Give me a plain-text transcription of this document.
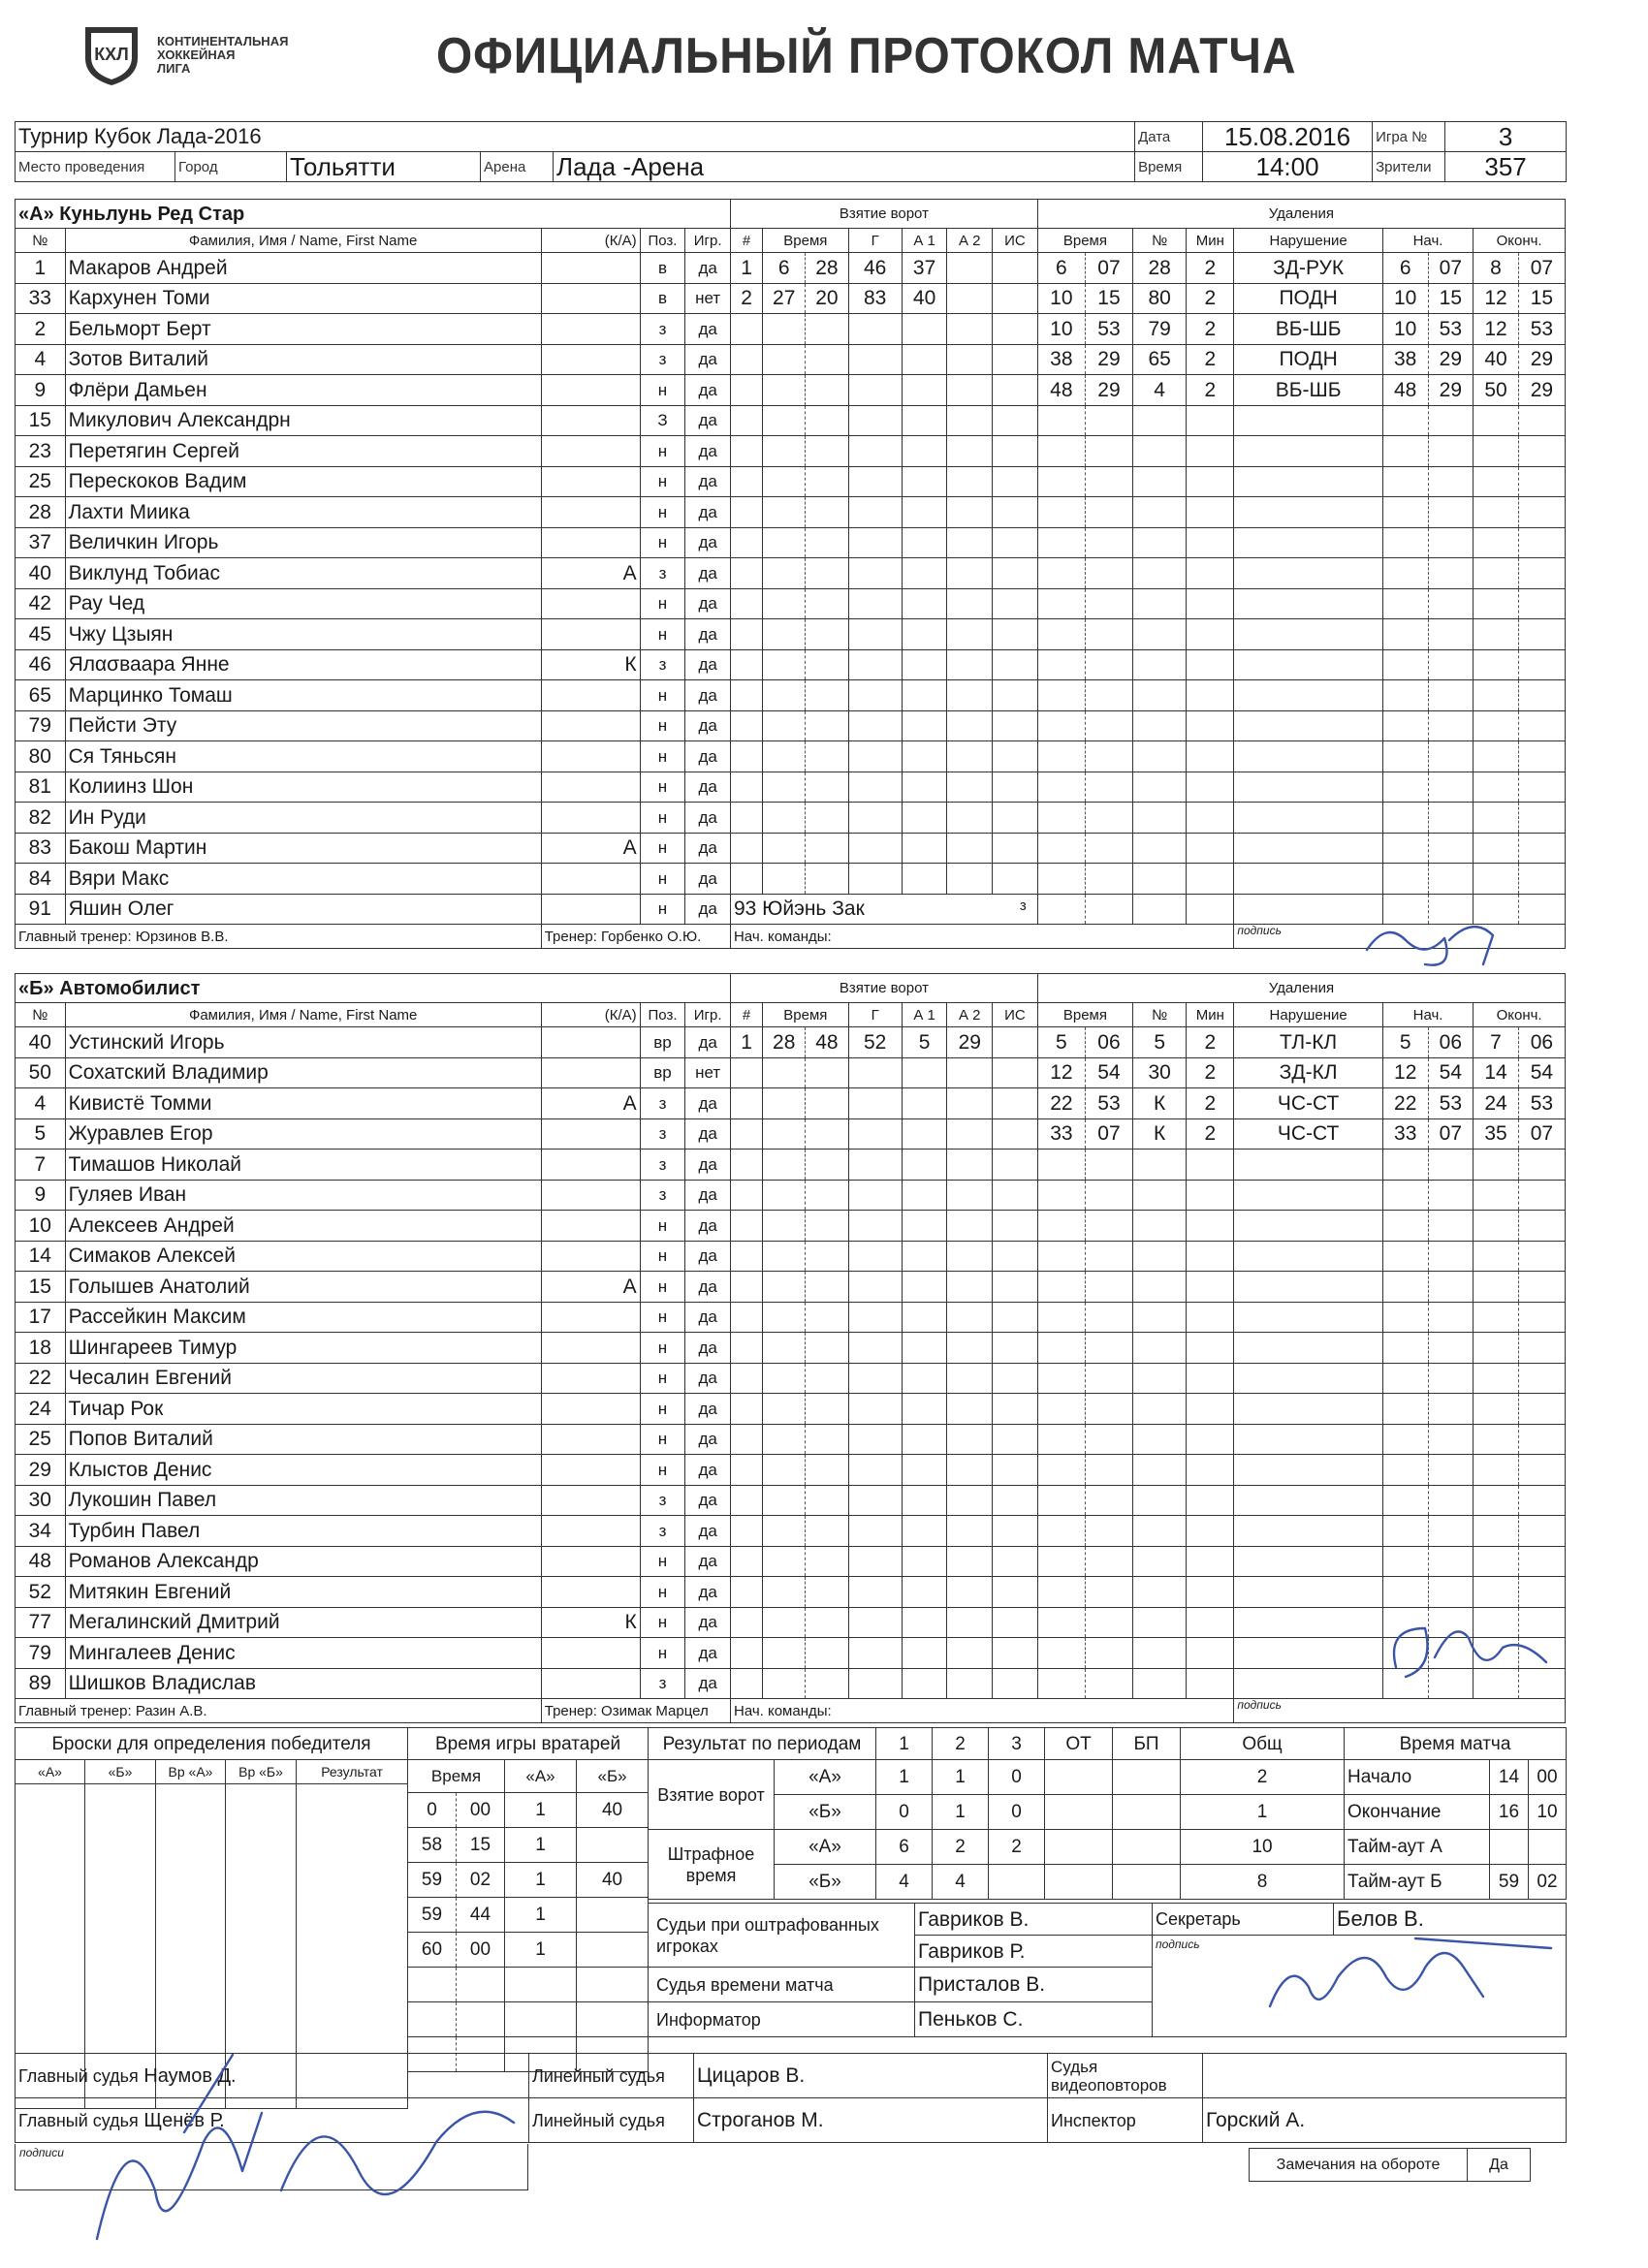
КХЛ
КОНТИНЕНТАЛЬНАЯ
ХОККЕЙНАЯ
ЛИГА	ОФИЦИАЛЬНЫЙ ПРОТОКОЛ МАТЧА
Турнир Кубок Лада-2016					Дата	15.08.2016	Игра №	3
Место проведения	Город	Тольятти	Арена	Лада -Арена	Время	14:00	Зрители	357
«А» Куньлунь Ред Стар					Взятие ворот							Удаления								
№	Фамилия, Имя / Name, First Name	(К/А)	Поз.	Игр.	#	Время		Г	А 1	А 2	ИС	Время		№	Мин	Нарушение	Нач.		Оконч.	
1	Макаров Андрей		в	да	1	6	28	46	37			6	07	28	2	ЗД-РУК	6	07	8	07
33	Кархунен Томи		в	нет	2	27	20	83	40			10	15	80	2	ПОДН	10	15	12	15
2	Бельморт Берт		з	да								10	53	79	2	ВБ-ШБ	10	53	12	53
4	Зотов Виталий		з	да								38	29	65	2	ПОДН	38	29	40	29
9	Флёри Дамьен		н	да								48	29	4	2	ВБ-ШБ	48	29	50	29
15	Микулович Александрн		З	да																
23	Перетягин Сергей		н	да																
25	Перескоков Вадим		н	да																
28	Лахти Миика		н	да																
37	Величкин Игорь		н	да																
40	Виклунд Тобиас	А	з	да																
42	Рау Чед		н	да																
45	Чжу Цзыян		н	да																
46	Ялασваара Янне	К	з	да																
65	Марцинко Томаш		н	да																
79	Пейсти Эту		н	да																
80	Ся Тяньсян		н	да																
81	Колиинз Шон		н	да																
82	Ин Руди		н	да																
83	Бакош Мартин	А	н	да																
84	Вяри Макс		н	да																
91	Яшин Олег		н	да	93 Юйэнь Зак з															

Главный тренер: Юрзинов В.В.		Тренер: Горбенко О.Ю.			Нач. команды:											подпись				
«Б» Автомобилист					Взятие ворот							Удаления								
№	Фамилия, Имя / Name, First Name	(К/А)	Поз.	Игр.	#	Время		Г	А 1	А 2	ИС	Время		№	Мин	Нарушение	Нач.		Оконч.	
40	Устинский Игорь		вр	да	1	28	48	52	5	29		5	06	5	2	ТЛ-КЛ	5	06	7	06
50	Сохатский Владимир		вр	нет								12	54	30	2	ЗД-КЛ	12	54	14	54
4	Кивистё Томми	А	з	да								22	53	К	2	ЧС-СТ	22	53	24	53
5	Журавлев Егор		з	да								33	07	К	2	ЧС-СТ	33	07	35	07
7	Тимашов Николай		з	да																
9	Гуляев Иван		з	да																
10	Алексеев Андрей		н	да																
14	Симаков Алексей		н	да																
15	Голышев Анатолий	А	н	да																
17	Рассейкин Максим		н	да																
18	Шингареев Тимур		н	да																
22	Чесалин Евгений		н	да																
24	Тичар Рок		н	да																
25	Попов Виталий		н	да																
29	Клыстов Денис		н	да																
30	Лукошин Павел		з	да																
34	Турбин Павел		з	да																
48	Романов Александр		н	да																
52	Митякин Евгений		н	да																
77	Мегалинский Дмитрий	К	н	да																
79	Мингалеев Денис		н	да																
89	Шишков Владислав		з	да																
Главный тренер: Разин А.В.		Тренер: Озимак Марцел			Нач. команды:											подпись				
Броски для определения победителя				
«А»	«Б»	Вр «А»	Вр «Б»	Результат

Время игры вратарей			
Время		«А»	«Б»
0	00	1	40
58	15	1	
59	02	1	40
59	44	1	
60	00	1	

Результат по периодам		1	2	3	ОТ	БП	Общ
Взятие ворот	«А»	1	1	0			2
	«Б»	0	1	0			1
Штрафное время	«А»	6	2	2			10
	«Б»	4	4				8
Время матча		
Начало	14	00
Окончание	16	10
Тайм-аут А		
Тайм-аут Б	59	02
Судьи при оштрафованных игроках	Гавриков В.	Секретарь	Белов В.
	Гавриков Р.	подпись	
Судья времени матча	Присталов В.		
Информатор	Пеньков С.		
Главный судья Наумов Д.	Линейный судья	Цицаров В.	Судья видеоповторов	
Главный судья Щенёв Р.	Линейный судья	Строганов М.	Инспектор	Горский А.
подписи
Замечания на обороте	Да
